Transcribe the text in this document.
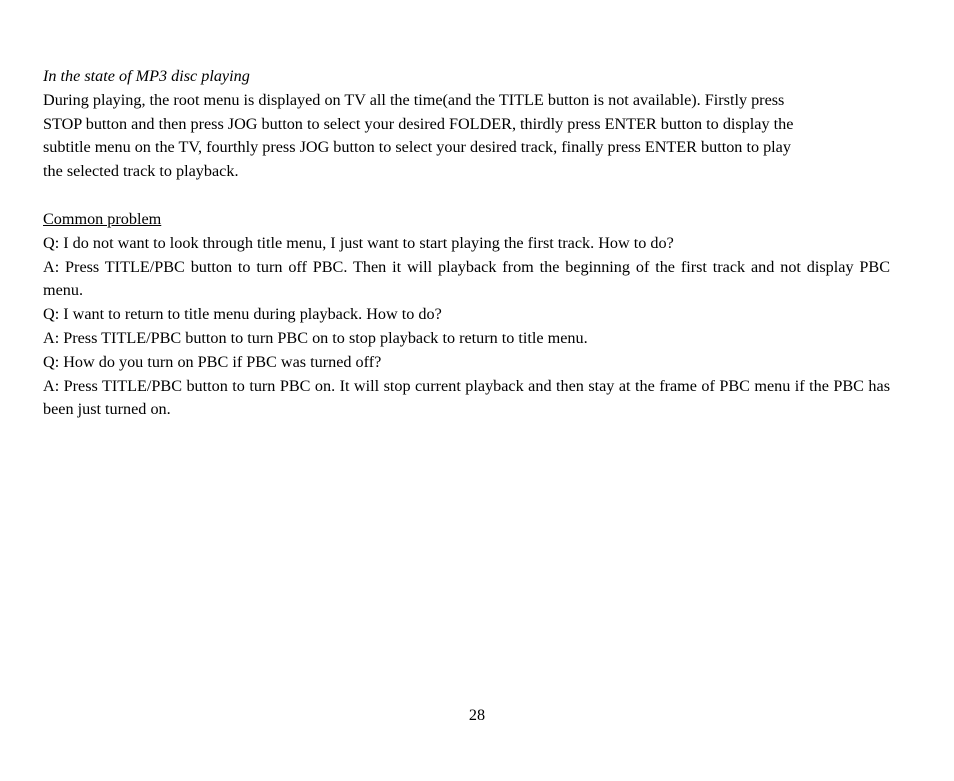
In the state of MP3 disc playing
During playing, the root menu is displayed on TV all the time(and the TITLE button is not available). Firstly press
STOP button and then press JOG button to select your desired FOLDER, thirdly press ENTER button to display the
subtitle menu on the TV, fourthly press JOG button to select your desired track, finally press ENTER button to play
the selected track to playback.
Common problem
Q: I do not want to look through title menu, I just want to start playing the first track. How to do?
A: Press TITLE/PBC button to turn off PBC. Then it will playback from the beginning of the first track and not display PBC menu.
Q: I want to return to title menu during playback. How to do?
A: Press TITLE/PBC button to turn PBC on to stop playback to return to title menu.
Q: How do you turn on PBC if PBC was turned off?
A: Press TITLE/PBC button to turn PBC on. It will stop current playback and then stay at the frame of PBC menu if the PBC has been just turned on.
28
